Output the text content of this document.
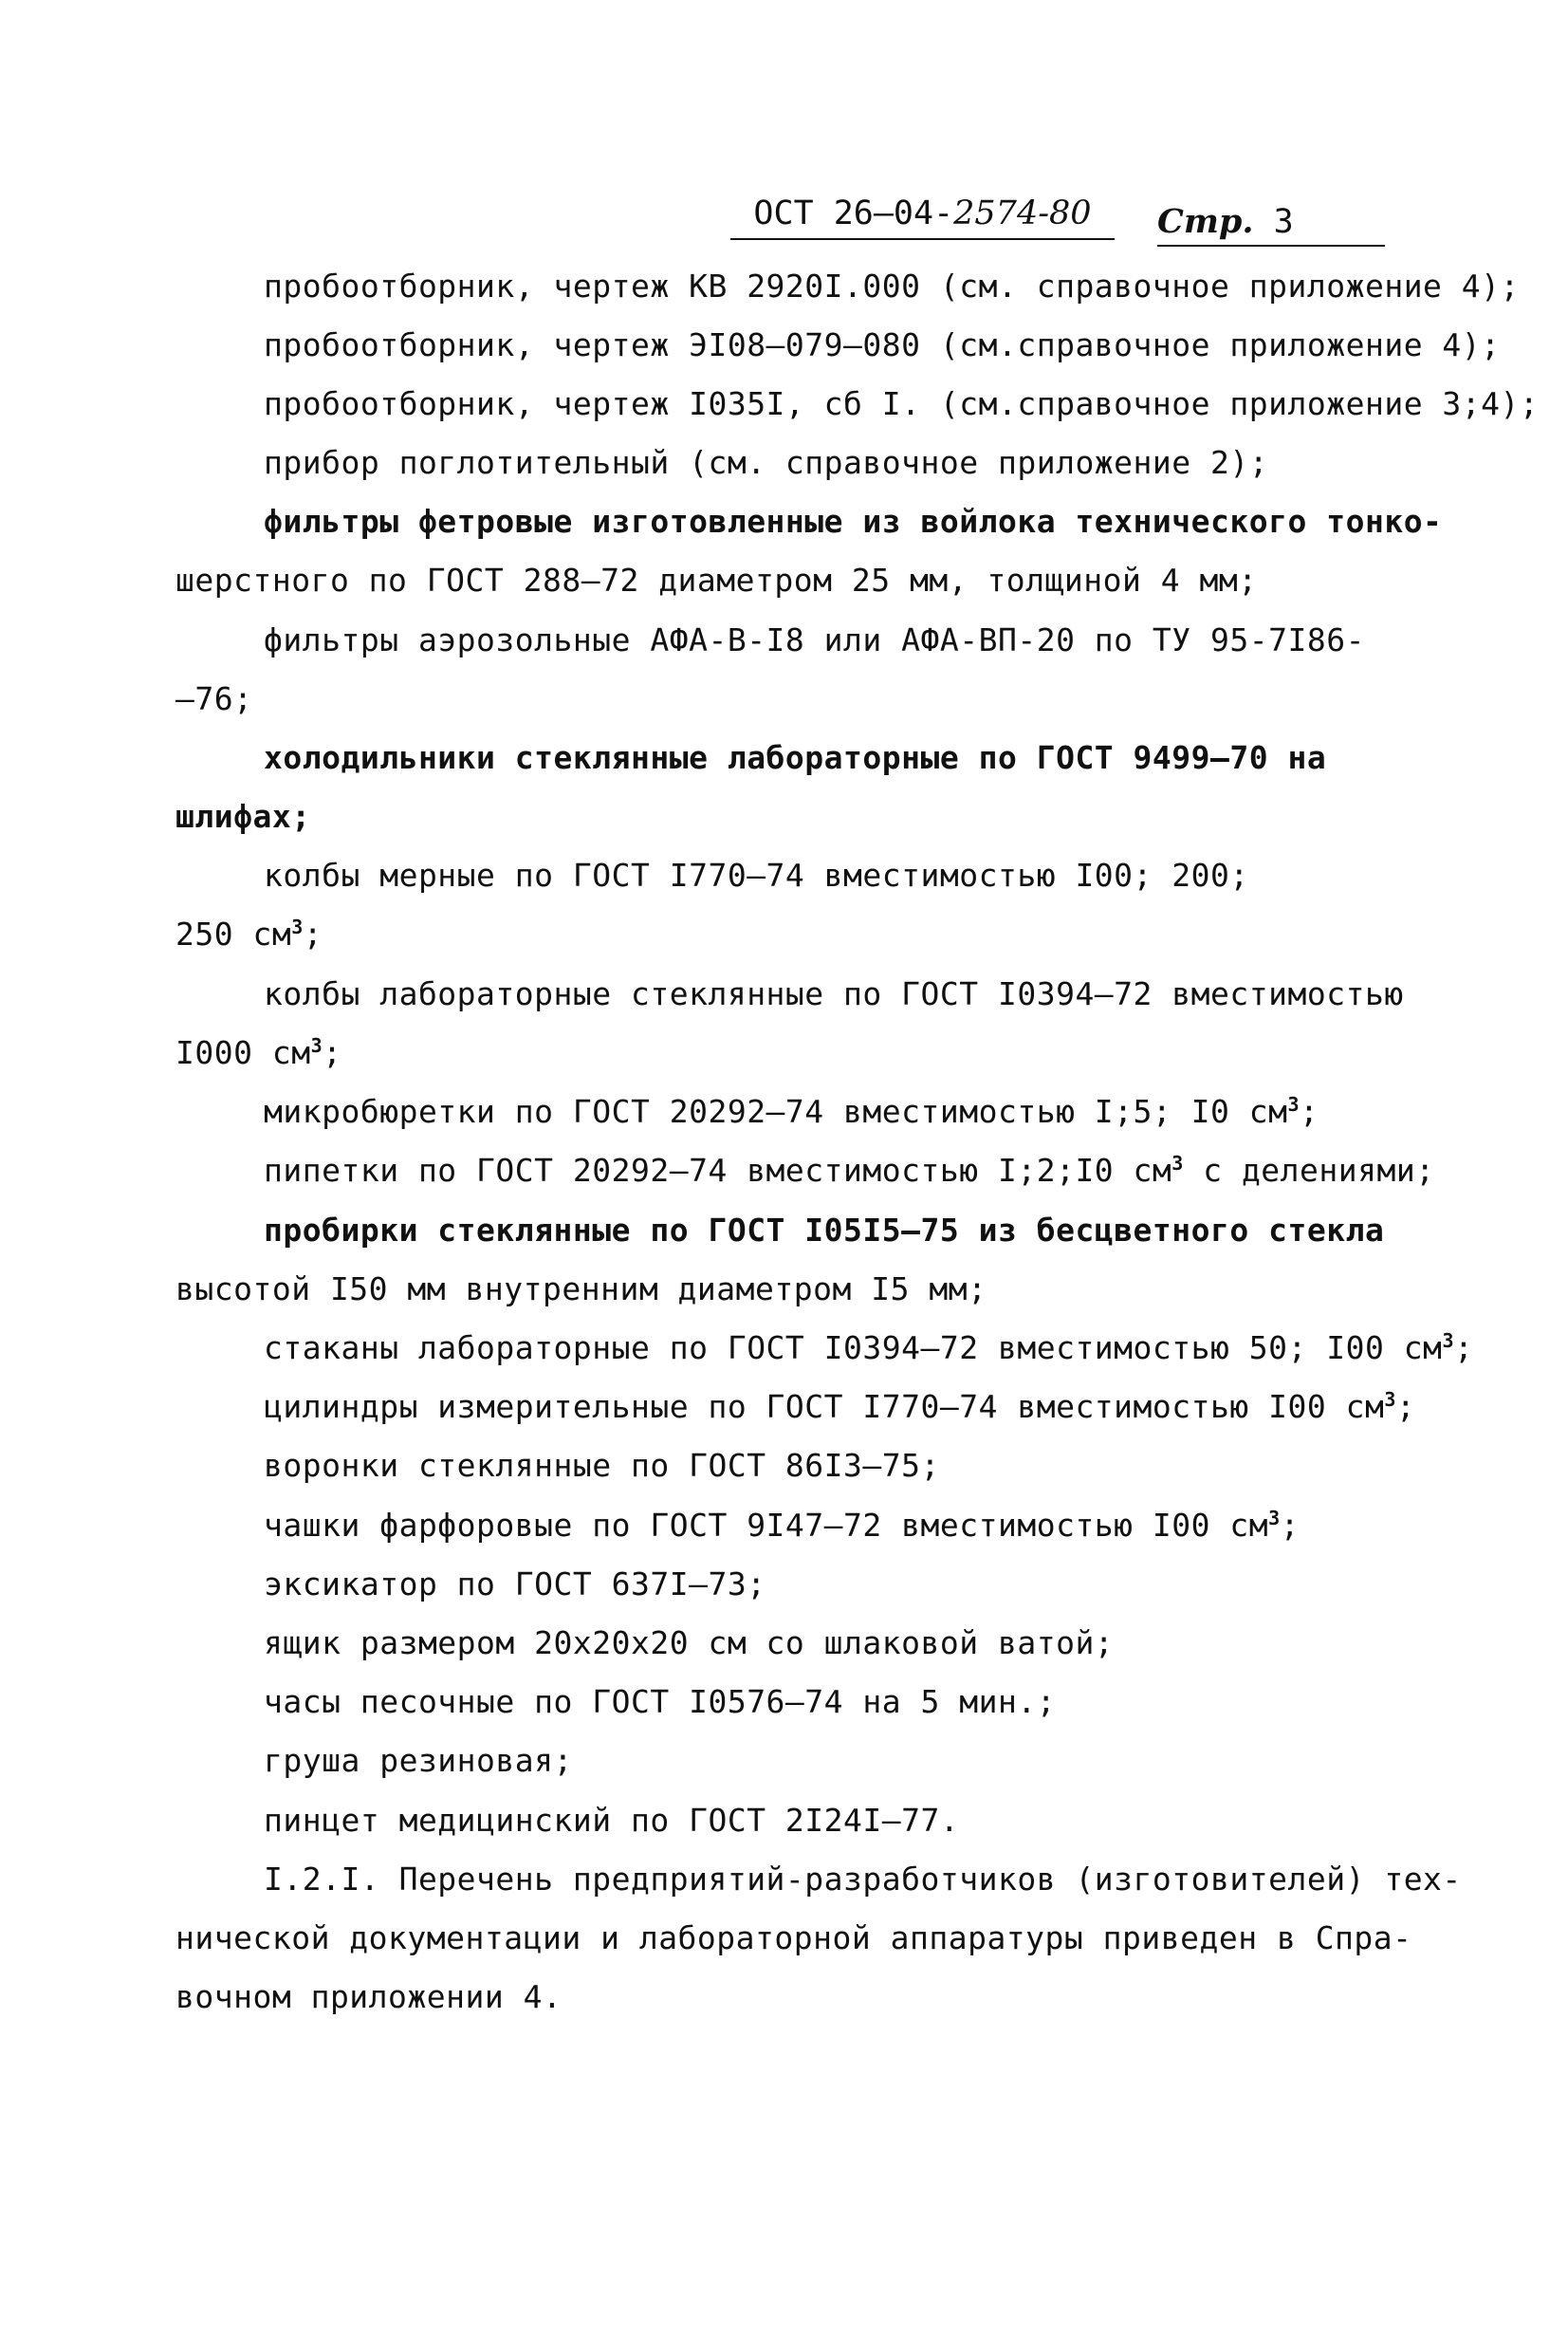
ОСТ 26–04-2574-80	Стр. 3
пробоотборник, чертеж КВ 2920I.000 (см. справочное приложение 4);
пробоотборник, чертеж ЭI08–079–080 (см.справочное приложение 4);
пробоотборник, чертеж I035I, сб I. (см.справочное приложение 3;4);
прибор поглотительный (см. справочное приложение 2);
фильтры фетровые изготовленные из войлока технического тонко-
шерстного по ГОСТ 288–72 диаметром 25 мм, толщиной 4 мм;
фильтры аэрозольные АФА-В-I8 или АФА-ВП-20 по ТУ 95-7I86-
–76;
холодильники стеклянные лабораторные по ГОСТ 9499–70 на
шлифах;
колбы мерные по ГОСТ I770–74 вместимостью I00; 200;
250 $см^3$;
колбы лабораторные стеклянные по ГОСТ I0394–72 вместимостью
I000 $см^3$;
микробюретки по ГОСТ 20292–74 вместимостью I;5; I0 $см^3$;
пипетки по ГОСТ 20292–74 вместимостью I;2;I0 $см^3$ с делениями;
пробирки стеклянные по ГОСТ I05I5–75 из бесцветного стекла
высотой I50 мм внутренним диаметром I5 мм;
стаканы лабораторные по ГОСТ I0394–72 вместимостью 50; I00 $см^3$;
цилиндры измерительные по ГОСТ I770–74 вместимостью I00 $см^3$;
воронки стеклянные по ГОСТ 86I3–75;
чашки фарфоровые по ГОСТ 9I47–72 вместимостью I00 $см^3$;
эксикатор по ГОСТ 637I–73;
ящик размером 20х20х20 см со шлаковой ватой;
часы песочные по ГОСТ I0576–74 на 5 мин.;
груша резиновая;
пинцет медицинский по ГОСТ 2I24I–77.
I.2.I. Перечень предприятий-разработчиков (изготовителей) тех-
нической документации и лабораторной аппаратуры приведен в Спра-
вочном приложении 4.
